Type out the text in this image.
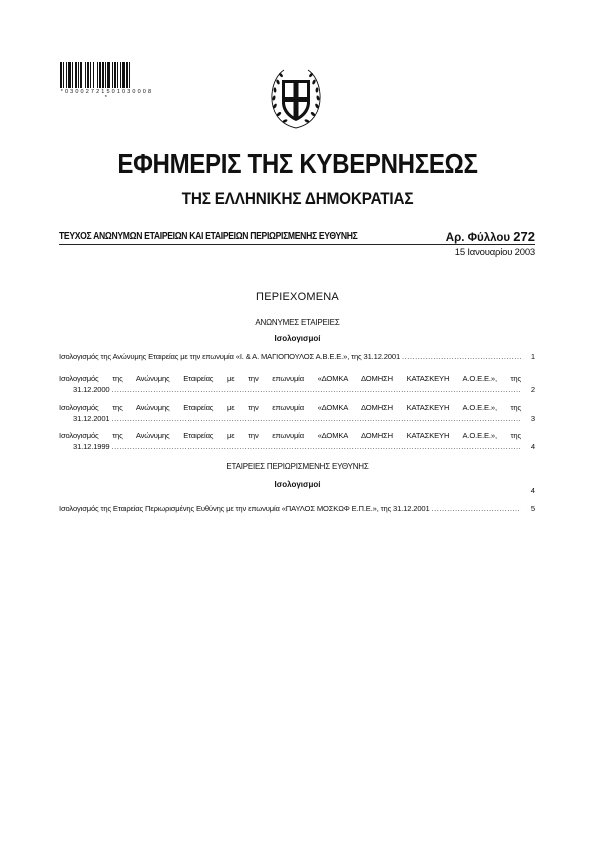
* 0 3 0 0 2 7 2 1 5 0 1 0 3 0 0 0 8 *
ΕΦΗΜΕΡΙΣ ΤΗΣ ΚΥΒΕΡΝΗΣΕΩΣ
ΤΗΣ ΕΛΛΗΝΙΚΗΣ ΔΗΜΟΚΡΑΤΙΑΣ
ΤΕΥΧΟΣ ΑΝΩΝΥΜΩΝ ΕΤΑΙΡΕΙΩΝ ΚΑΙ ΕΤΑΙΡΕΙΩΝ ΠΕΡΙΩΡΙΣΜΕΝΗΣ ΕΥΘΥΝΗΣ	Αρ. Φύλλου 272
15 Ιανουαρίου 2003
ΠΕΡΙΕΧΟΜΕΝΑ
ΑΝΩΝΥΜΕΣ ΕΤΑΙΡΕΙΕΣ
Ισολογισμοί
Ισολογισμός της Ανώνυμης Εταιρείας με την επωνυμία «Ι. & Α. ΜΑΓΙΟΠΟΥΛΟΣ Α.Β.Ε.Ε.», της 31.12.2001 .....	1
Ισολογισμός της Ανώνυμης Εταιρείας με την επωνυμία «ΔΟΜΚΑ ΔΟΜΗΣΗ ΚΑΤΑΣΚΕΥΗ Α.Ο.Ε.Ε.», της
31.12.2000 .....	2
Ισολογισμός της Ανώνυμης Εταιρείας με την επωνυμία «ΔΟΜΚΑ ΔΟΜΗΣΗ ΚΑΤΑΣΚΕΥΗ Α.Ο.Ε.Ε.», της
31.12.2001 .....	3
Ισολογισμός της Ανώνυμης Εταιρείας με την επωνυμία «ΔΟΜΚΑ ΔΟΜΗΣΗ ΚΑΤΑΣΚΕΥΗ Α.Ο.Ε.Ε.», της
31.12.1999 .....	4
ΕΤΑΙΡΕΙΕΣ ΠΕΡΙΩΡΙΣΜΕΝΗΣ ΕΥΘΥΝΗΣ
Ισολογισμοί
4
Ισολογισμός της Εταιρείας Περιωρισμένης Ευθύνης με την επωνυμία «ΠΑΥΛΟΣ ΜΟΣΚΩΦ Ε.Π.Ε.», της 31.12.2001 .....	5
